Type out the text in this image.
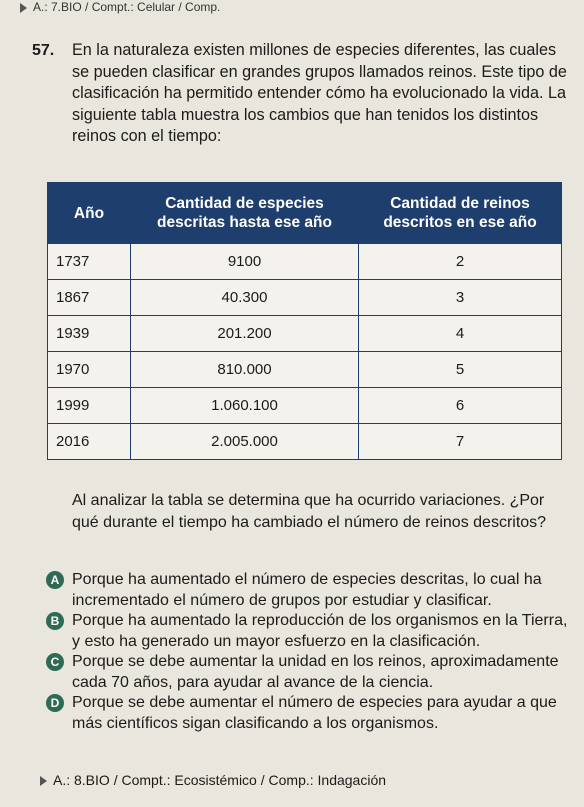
A.: 7.BIO / Compt.: Celular / Comp.
57. En la naturaleza existen millones de especies diferentes, las cuales se pueden clasificar en grandes grupos llamados reinos. Este tipo de clasificación ha permitido entender cómo ha evolucionado la vida. La siguiente tabla muestra los cambios que han tenidos los distintos reinos con el tiempo:

Año	Cantidad de especies descritas hasta ese año	Cantidad de reinos descritos en ese año
1737	9100	2
1867	40.300	3
1939	201.200	4
1970	810.000	5
1999	1.060.100	6
2016	2.005.000	7
Al analizar la tabla se determina que ha ocurrido variaciones. ¿Por qué durante el tiempo ha cambiado el número de reinos descritos?
A Porque ha aumentado el número de especies descritas, lo cual ha incrementado el número de grupos por estudiar y clasificar.
B Porque ha aumentado la reproducción de los organismos en la Tierra, y esto ha generado un mayor esfuerzo en la clasificación.
C Porque se debe aumentar la unidad en los reinos, aproximadamente cada 70 años, para ayudar al avance de la ciencia.
D Porque se debe aumentar el número de especies para ayudar a que más científicos sigan clasificando a los organismos.
A.: 8.BIO / Compt.: Ecosistémico / Comp.: Indagación
